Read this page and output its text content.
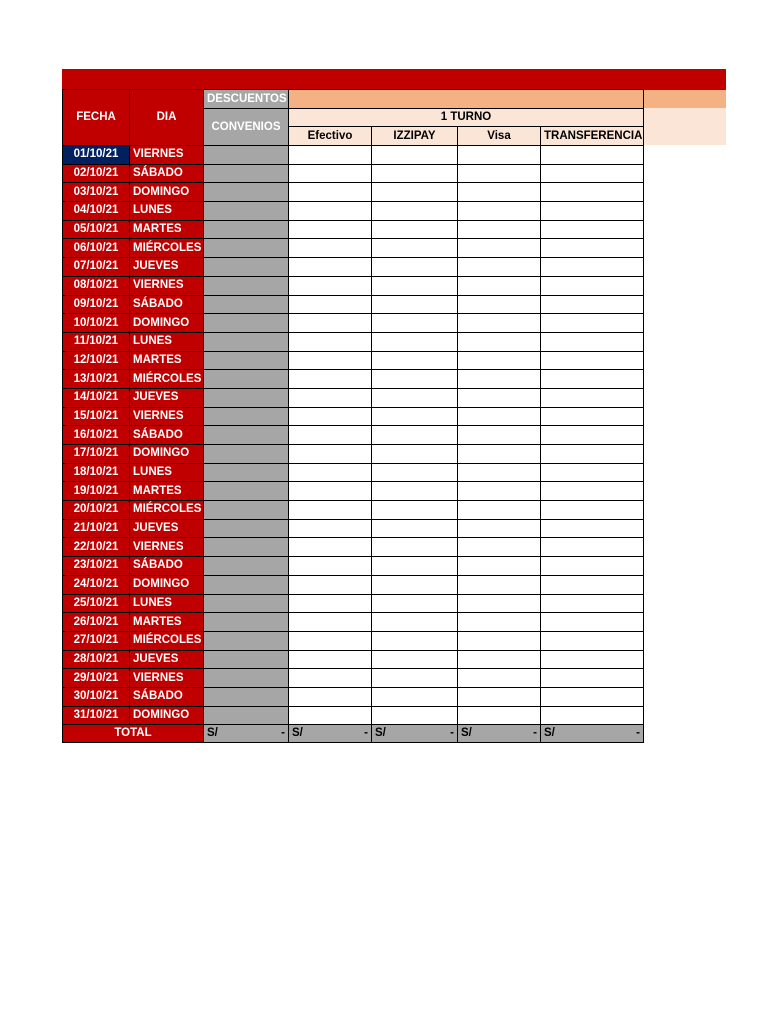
FECHA	DIA	DESCUENTOS				
		CONVENIOS	1 TURNO			
			Efectivo	IZZIPAY	Visa	TRANSFERENCIA
01/10/21	VIERNES					
02/10/21	SÁBADO					
03/10/21	DOMINGO					
04/10/21	LUNES					
05/10/21	MARTES					
06/10/21	MIÉRCOLES					
07/10/21	JUEVES					
08/10/21	VIERNES					
09/10/21	SÁBADO					
10/10/21	DOMINGO					
11/10/21	LUNES					
12/10/21	MARTES					
13/10/21	MIÉRCOLES					
14/10/21	JUEVES					
15/10/21	VIERNES					
16/10/21	SÁBADO					
17/10/21	DOMINGO					
18/10/21	LUNES					
19/10/21	MARTES					
20/10/21	MIÉRCOLES					
21/10/21	JUEVES					
22/10/21	VIERNES					
23/10/21	SÁBADO					
24/10/21	DOMINGO					
25/10/21	LUNES					
26/10/21	MARTES					
27/10/21	MIÉRCOLES					
28/10/21	JUEVES					
29/10/21	VIERNES					
30/10/21	SÁBADO					
31/10/21	DOMINGO					
TOTAL		S/ -	S/ -	S/ -	S/ -	S/ -
